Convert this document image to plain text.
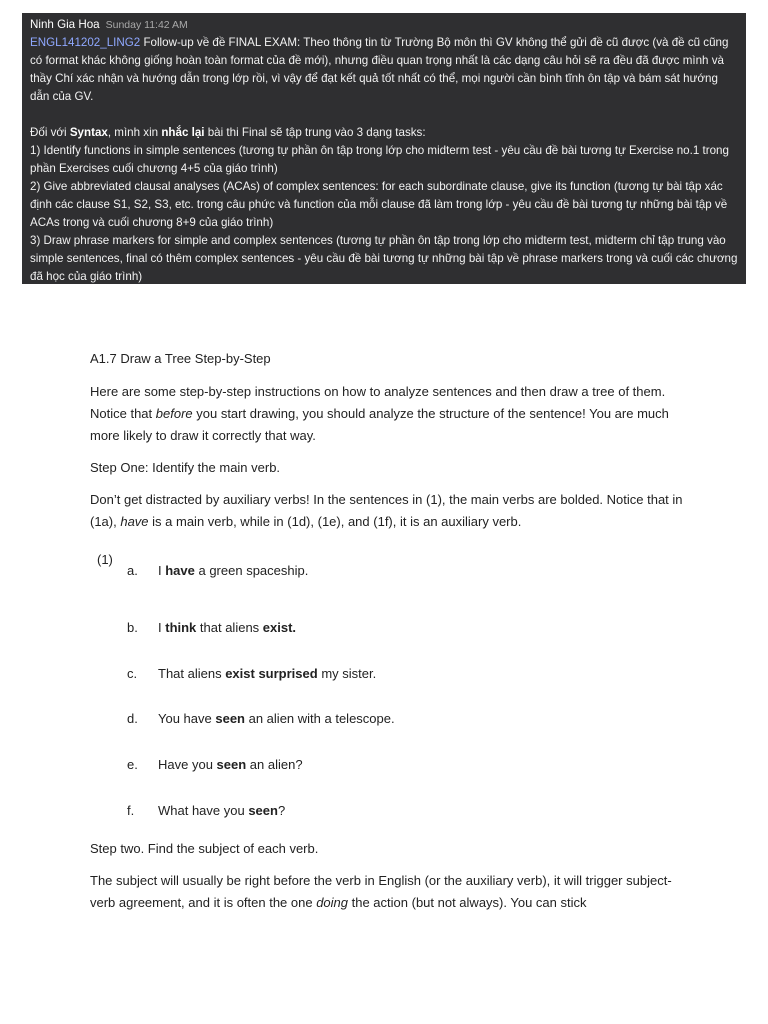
Ninh Gia Hoa Sunday 11:42 AM

ENGL141202_LING2 Follow-up về đề FINAL EXAM: Theo thông tin từ Trường Bộ môn thì GV không thể gửi đề cũ được (và đề cũ cũng có format khác không giống hoàn toàn format của đề mới), nhưng điều quan trọng nhất là các dạng câu hỏi sẽ ra đều đã được mình và thầy Chí xác nhận và hướng dẫn trong lớp rồi, vì vậy để đạt kết quả tốt nhất có thể, mọi người cần bình tĩnh ôn tập và bám sát hướng dẫn của GV.

Đối với Syntax, mình xin nhắc lại bài thi Final sẽ tập trung vào 3 dạng tasks:

1) Identify functions in simple sentences (tương tự phần ôn tập trong lớp cho midterm test - yêu cầu đề bài tương tự Exercise no.1 trong phần Exercises cuối chương 4+5 của giáo trình)

2) Give abbreviated clausal analyses (ACAs) of complex sentences: for each subordinate clause, give its function (tương tự bài tập xác định các clause S1, S2, S3, etc. trong câu phức và function của mỗi clause đã làm trong lớp - yêu cầu đề bài tương tự những bài tập về ACAs trong và cuối chương 8+9 của giáo trình)

3) Draw phrase markers for simple and complex sentences (tương tự phần ôn tập trong lớp cho midterm test, midterm chỉ tập trung vào simple sentences, final có thêm complex sentences - yêu cầu đề bài tương tự những bài tập về phrase markers trong và cuối các chương đã học của giáo trình)

A1.7 Draw a Tree Step-by-Step

Here are some step-by-step instructions on how to analyze sentences and then draw a tree of them. Notice that before you start drawing, you should analyze the structure of the sentence! You are much more likely to draw it correctly that way.

Step One: Identify the main verb.

Don’t get distracted by auxiliary verbs! In the sentences in (1), the main verbs are bolded. Notice that in (1a), have is a main verb, while in (1d), (1e), and (1f), it is an auxiliary verb.

(1)
a. I have a green spaceship.
b. I think that aliens exist.
c. That aliens exist surprised my sister.
d. You have seen an alien with a telescope.
e. Have you seen an alien?
f. What have you seen?

Step two. Find the subject of each verb.

The subject will usually be right before the verb in English (or the auxiliary verb), it will trigger subject-verb agreement, and it is often the one doing the action (but not always). You can stick
